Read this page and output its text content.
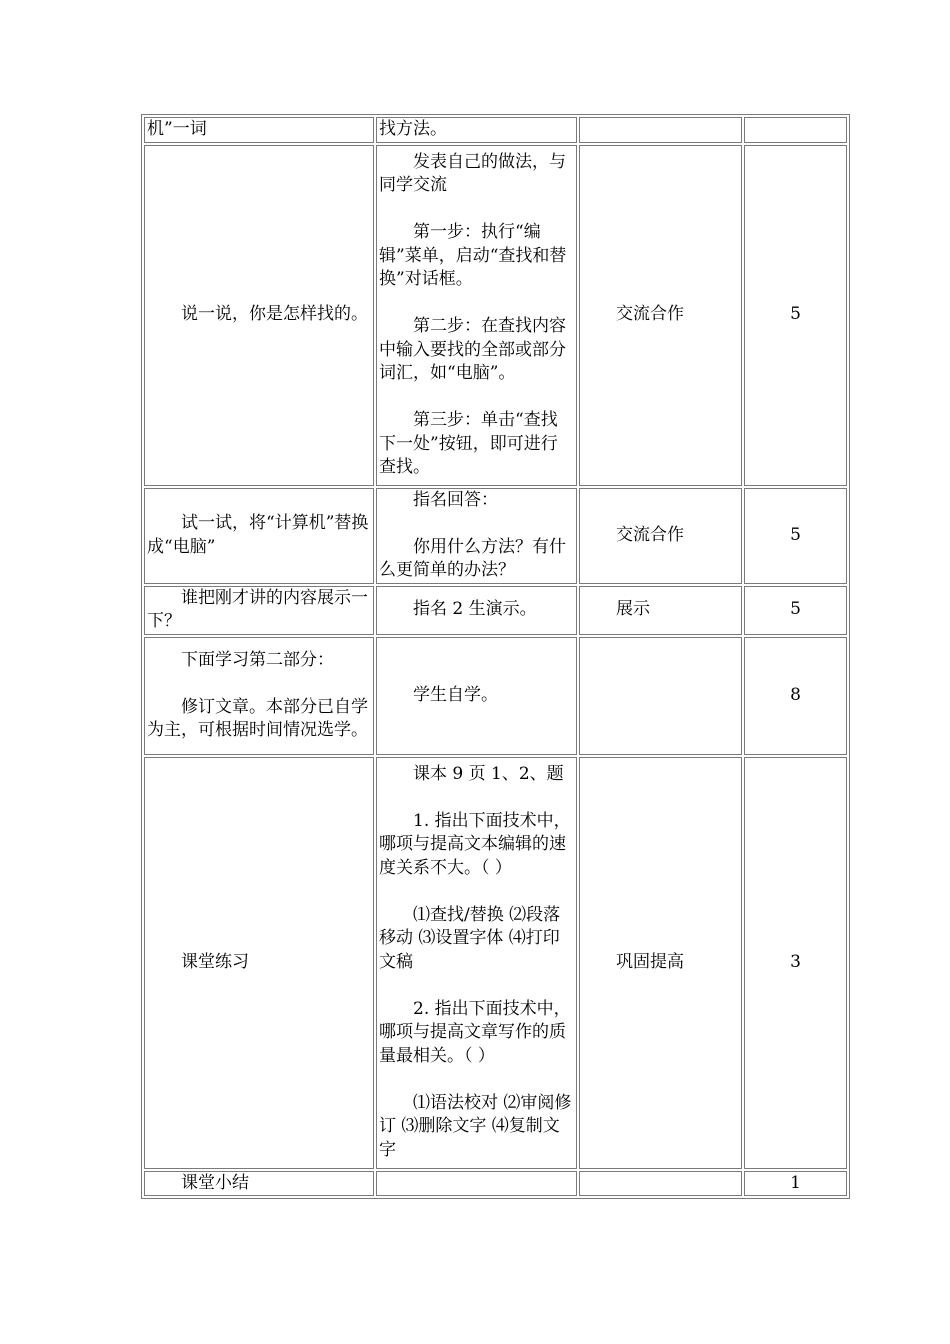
机”一词	找方法。		

说一说，你是怎样找的。	发表自己的做法，与同学交流

第一步：执行“编辑”菜单，启动“查找和替换”对话框。

第二步：在查找内容中输入要找的全部或部分词汇，如“电脑”。

第三步：单击“查找下一处”按钮，即可进行查找。	交流合作	5

试一试，将“计算机”替换成“电脑”	指名回答：

你用什么方法？有什么更简单的办法？	交流合作	5

谁把刚才讲的内容展示一下？	指名 2 生演示。	展示	5

下面学习第二部分：

修订文章。本部分已自学为主，可根据时间情况选学。	学生自学。		8

课堂练习	课本 9 页 1、2、题

1. 指出下面技术中，哪项与提高文本编辑的速度关系不大。（ ）

⑴查找/替换 ⑵段落移动 ⑶设置字体 ⑷打印文稿

2. 指出下面技术中，哪项与提高文章写作的质量最相关。（ ）

⑴语法校对 ⑵审阅修订 ⑶删除文字 ⑷复制文字	巩固提高	3

课堂小结			1
